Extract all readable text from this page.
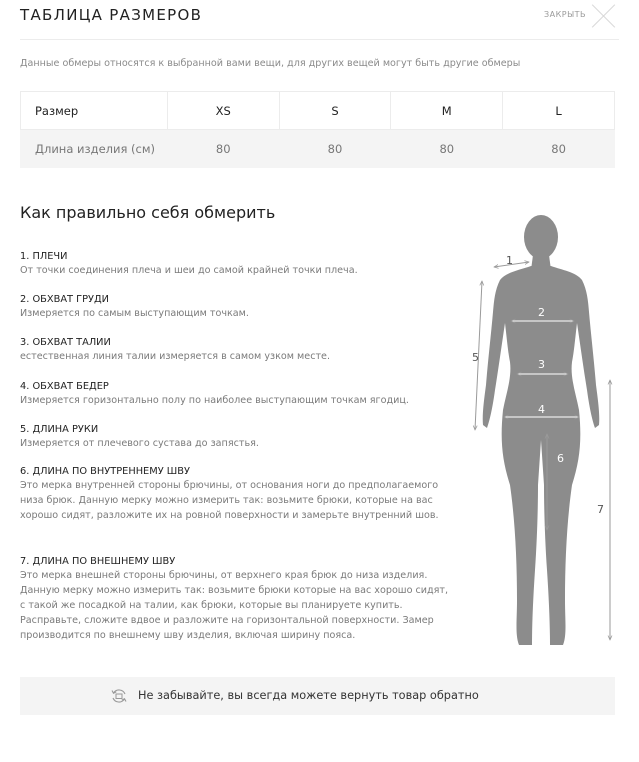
ТАБЛИЦА РАЗМЕРОВ	ЗАКРЫТЬ

Данные обмеры относятся к выбранной вами вещи, для других вещей могут быть другие обмеры

Размер	XS	S	M	L
Длина изделия (см)	80	80	80	80
Как правильно себя обмерить
1. ПЛЕЧИ
От точки соединения плеча и шеи до самой крайней точки плеча.
2. ОБХВАТ ГРУДИ
Измеряется по самым выступающим точкам.
3. ОБХВАТ ТАЛИИ
естественная линия талии измеряется в самом узком месте.
4. ОБХВАТ БЕДЕР
Измеряется горизонтально полу по наиболее выступающим точкам ягодиц.
5. ДЛИНА РУКИ
Измеряется от плечевого сустава до запястья.
6. ДЛИНА ПО ВНУТРЕННЕМУ ШВУ
Это мерка внутренней стороны брючины, от основания ноги до предполагаемого низа брюк. Данную мерку можно измерить так: возьмите брюки, которые на вас хорошо сидят, разложите их на ровной поверхности и замерьте внутренний шов.
7. ДЛИНА ПО ВНЕШНЕМУ ШВУ
Это мерка внешней стороны брючины, от верхнего края брюк до низа изделия. Данную мерку можно измерить так: возьмите брюки которые на вас хорошо сидят, с такой же посадкой на талии, как брюки, которые вы планируете купить. Расправьте, сложите вдвое и разложите на горизонтальной поверхности. Замер производится по внешнему шву изделия, включая ширину пояса.
1
2
3
4
5
6
7
Не забывайте, вы всегда можете вернуть товар обратно
